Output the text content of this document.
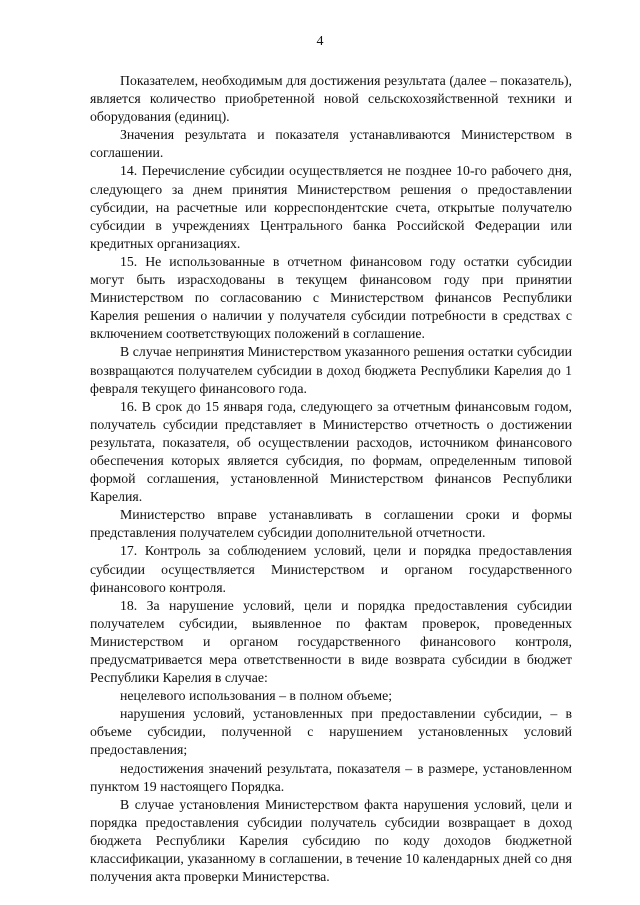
4

Показателем, необходимым для достижения результата (далее – показатель), является количество приобретенной новой сельскохозяйственной техники и оборудования (единиц).

Значения результата и показателя устанавливаются Министерством в соглашении.

14. Перечисление субсидии осуществляется не позднее 10-го рабочего дня, следующего за днем принятия Министерством решения о предоставлении субсидии, на расчетные или корреспондентские счета, открытые получателю субсидии в учреждениях Центрального банка Российской Федерации или кредитных организациях.

15. Не использованные в отчетном финансовом году остатки субсидии могут быть израсходованы в текущем финансовом году при принятии Министерством по согласованию с Министерством финансов Республики Карелия решения о наличии у получателя субсидии потребности в средствах с включением соответствующих положений в соглашение.

В случае непринятия Министерством указанного решения остатки субсидии возвращаются получателем субсидии в доход бюджета Республики Карелия до 1 февраля текущего финансового года.

16. В срок до 15 января года, следующего за отчетным финансовым годом, получатель субсидии представляет в Министерство отчетность о достижении результата, показателя, об осуществлении расходов, источником финансового обеспечения которых является субсидия, по формам, определенным типовой формой соглашения, установленной Министерством финансов Республики Карелия.

Министерство вправе устанавливать в соглашении сроки и формы представления получателем субсидии дополнительной отчетности.

17. Контроль за соблюдением условий, цели и порядка предоставления субсидии осуществляется Министерством и органом государственного финансового контроля.

18. За нарушение условий, цели и порядка предоставления субсидии получателем субсидии, выявленное по фактам проверок, проведенных Министерством и органом государственного финансового контроля, предусматривается мера ответственности в виде возврата субсидии в бюджет Республики Карелия в случае:

нецелевого использования – в полном объеме;

нарушения условий, установленных при предоставлении субсидии, – в объеме субсидии, полученной с нарушением установленных условий предоставления;

недостижения значений результата, показателя – в размере, установленном пунктом 19 настоящего Порядка.

В случае установления Министерством факта нарушения условий, цели и порядка предоставления субсидии получатель субсидии возвращает в доход бюджета Республики Карелия субсидию по коду доходов бюджетной классификации, указанному в соглашении, в течение 10 календарных дней со дня получения акта проверки Министерства.
